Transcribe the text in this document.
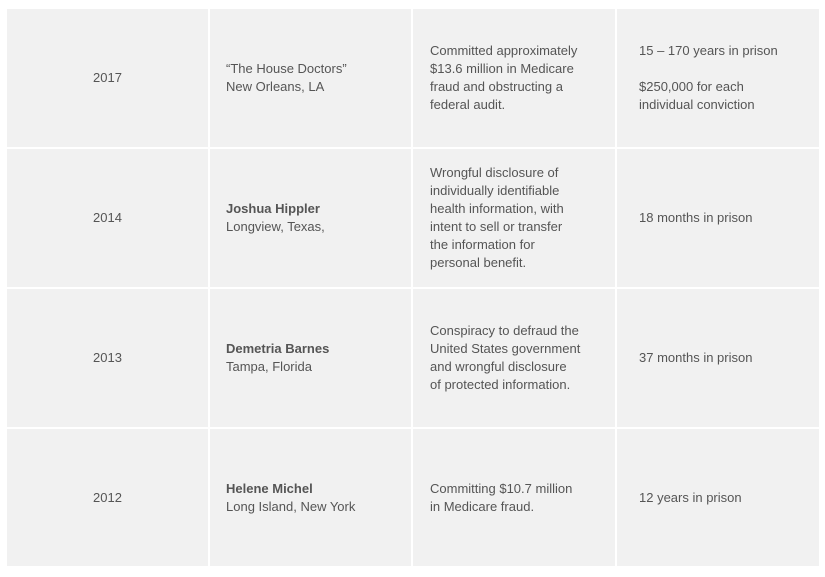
2017
“The House Doctors”
New Orleans, LA
Committed approximately
$13.6 million in Medicare
fraud and obstructing a
federal audit.
15 – 170 years in prison
$250,000 for each
individual conviction
2014
Joshua Hippler
Longview, Texas,
Wrongful disclosure of
individually identifiable
health information, with
intent to sell or transfer
the information for
personal benefit.
18 months in prison
2013
Demetria Barnes
Tampa, Florida
Conspiracy to defraud the
United States government
and wrongful disclosure
of protected information.
37 months in prison
2012
Helene Michel
Long Island, New York
Committing $10.7 million
in Medicare fraud.
12 years in prison
